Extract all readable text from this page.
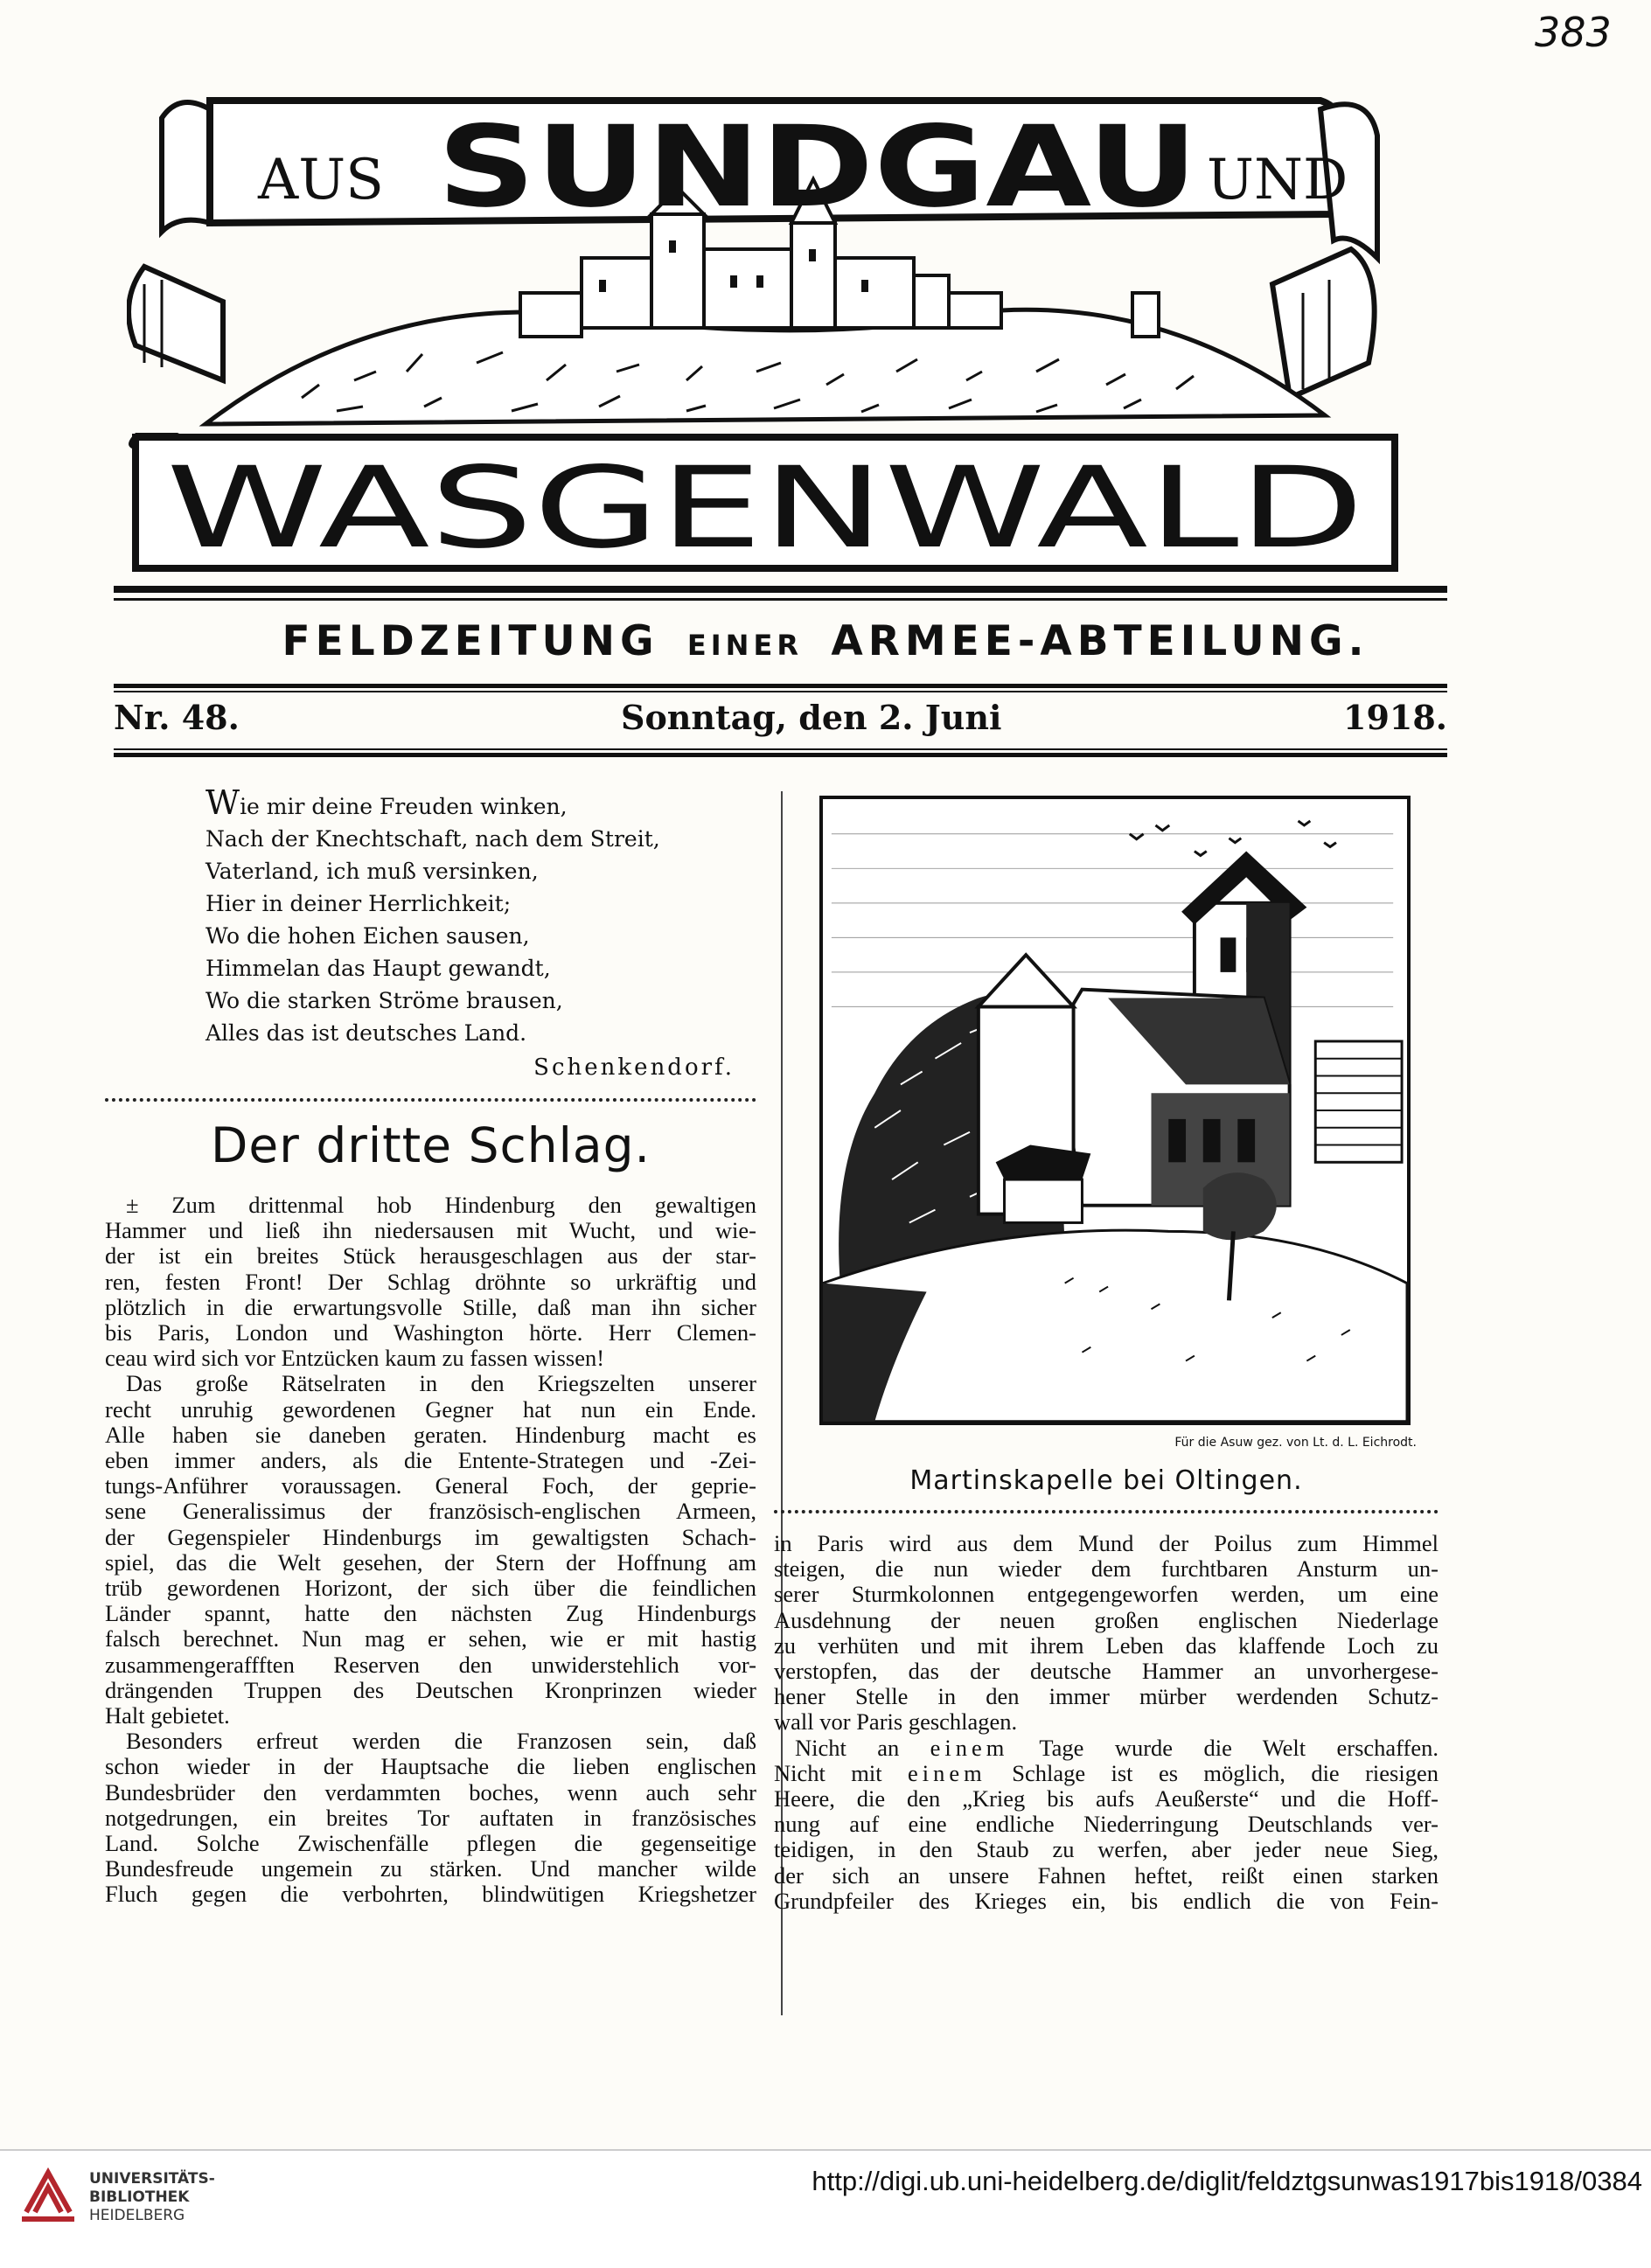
383
AUS SUNDGAU UND
WASGENWALD
FELDZEITUNG EINER ARMEE-ABTEILUNG.
Nr. 48.	Sonntag, den 2. Juni	1918.
Wie mir deine Freuden winken,
Nach der Knechtschaft, nach dem Streit,
Vaterland, ich muß versinken,
Hier in deiner Herrlichkeit;
Wo die hohen Eichen sausen,
Himmelan das Haupt gewandt,
Wo die starken Ströme brausen,
Alles das ist deutsches Land.
Schenkendorf.
Der dritte Schlag.
± Zum drittenmal hob Hindenburg den gewaltigen
Hammer und ließ ihn niedersausen mit Wucht, und wie-
der ist ein breites Stück herausgeschlagen aus der star-
ren, festen Front! Der Schlag dröhnte so urkräftig und
plötzlich in die erwartungsvolle Stille, daß man ihn sicher
bis Paris, London und Washington hörte. Herr Clemen-
ceau wird sich vor Entzücken kaum zu fassen wissen!
Das große Rätselraten in den Kriegszelten unserer
recht unruhig gewordenen Gegner hat nun ein Ende.
Alle haben sie daneben geraten. Hindenburg macht es
eben immer anders, als die Entente-Strategen und -Zei-
tungs-Anführer voraussagen. General Foch, der geprie-
sene Generalissimus der französisch-englischen Armeen,
der Gegenspieler Hindenburgs im gewaltigsten Schach-
spiel, das die Welt gesehen, der Stern der Hoffnung am
trüb gewordenen Horizont, der sich über die feindlichen
Länder spannt, hatte den nächsten Zug Hindenburgs
falsch berechnet. Nun mag er sehen, wie er mit hastig
zusammengeraffften Reserven den unwiderstehlich vor-
drängenden Truppen des Deutschen Kronprinzen wieder
Halt gebietet.
Besonders erfreut werden die Franzosen sein, daß
schon wieder in der Hauptsache die lieben englischen
Bundesbrüder den verdammten boches, wenn auch sehr
notgedrungen, ein breites Tor auftaten in französisches
Land. Solche Zwischenfälle pflegen die gegenseitige
Bundesfreude ungemein zu stärken. Und mancher wilde
Fluch gegen die verbohrten, blindwütigen Kriegshetzer
Für die Asuw gez. von Lt. d. L. Eichrodt.
Martinskapelle bei Oltingen.
in Paris wird aus dem Mund der Poilus zum Himmel
steigen, die nun wieder dem furchtbaren Ansturm un-
serer Sturmkolonnen entgegengeworfen werden, um eine
Ausdehnung der neuen großen englischen Niederlage
zu verhüten und mit ihrem Leben das klaffende Loch zu
verstopfen, das der deutsche Hammer an unvorhergese-
hener Stelle in den immer mürber werdenden Schutz-
wall vor Paris geschlagen.
Nicht an einem Tage wurde die Welt erschaffen.
Nicht mit einem Schlage ist es möglich, die riesigen
Heere, die den „Krieg bis aufs Aeußerste“ und die Hoff-
nung auf eine endliche Niederringung Deutschlands ver-
teidigen, in den Staub zu werfen, aber jeder neue Sieg,
der sich an unsere Fahnen heftet, reißt einen starken
Grundpfeiler des Krieges ein, bis endlich die von Fein-
UNIVERSITÄTS-
BIBLIOTHEK
HEIDELBERG
http://digi.ub.uni-heidelberg.de/diglit/feldztgsunwas1917bis1918/0384
